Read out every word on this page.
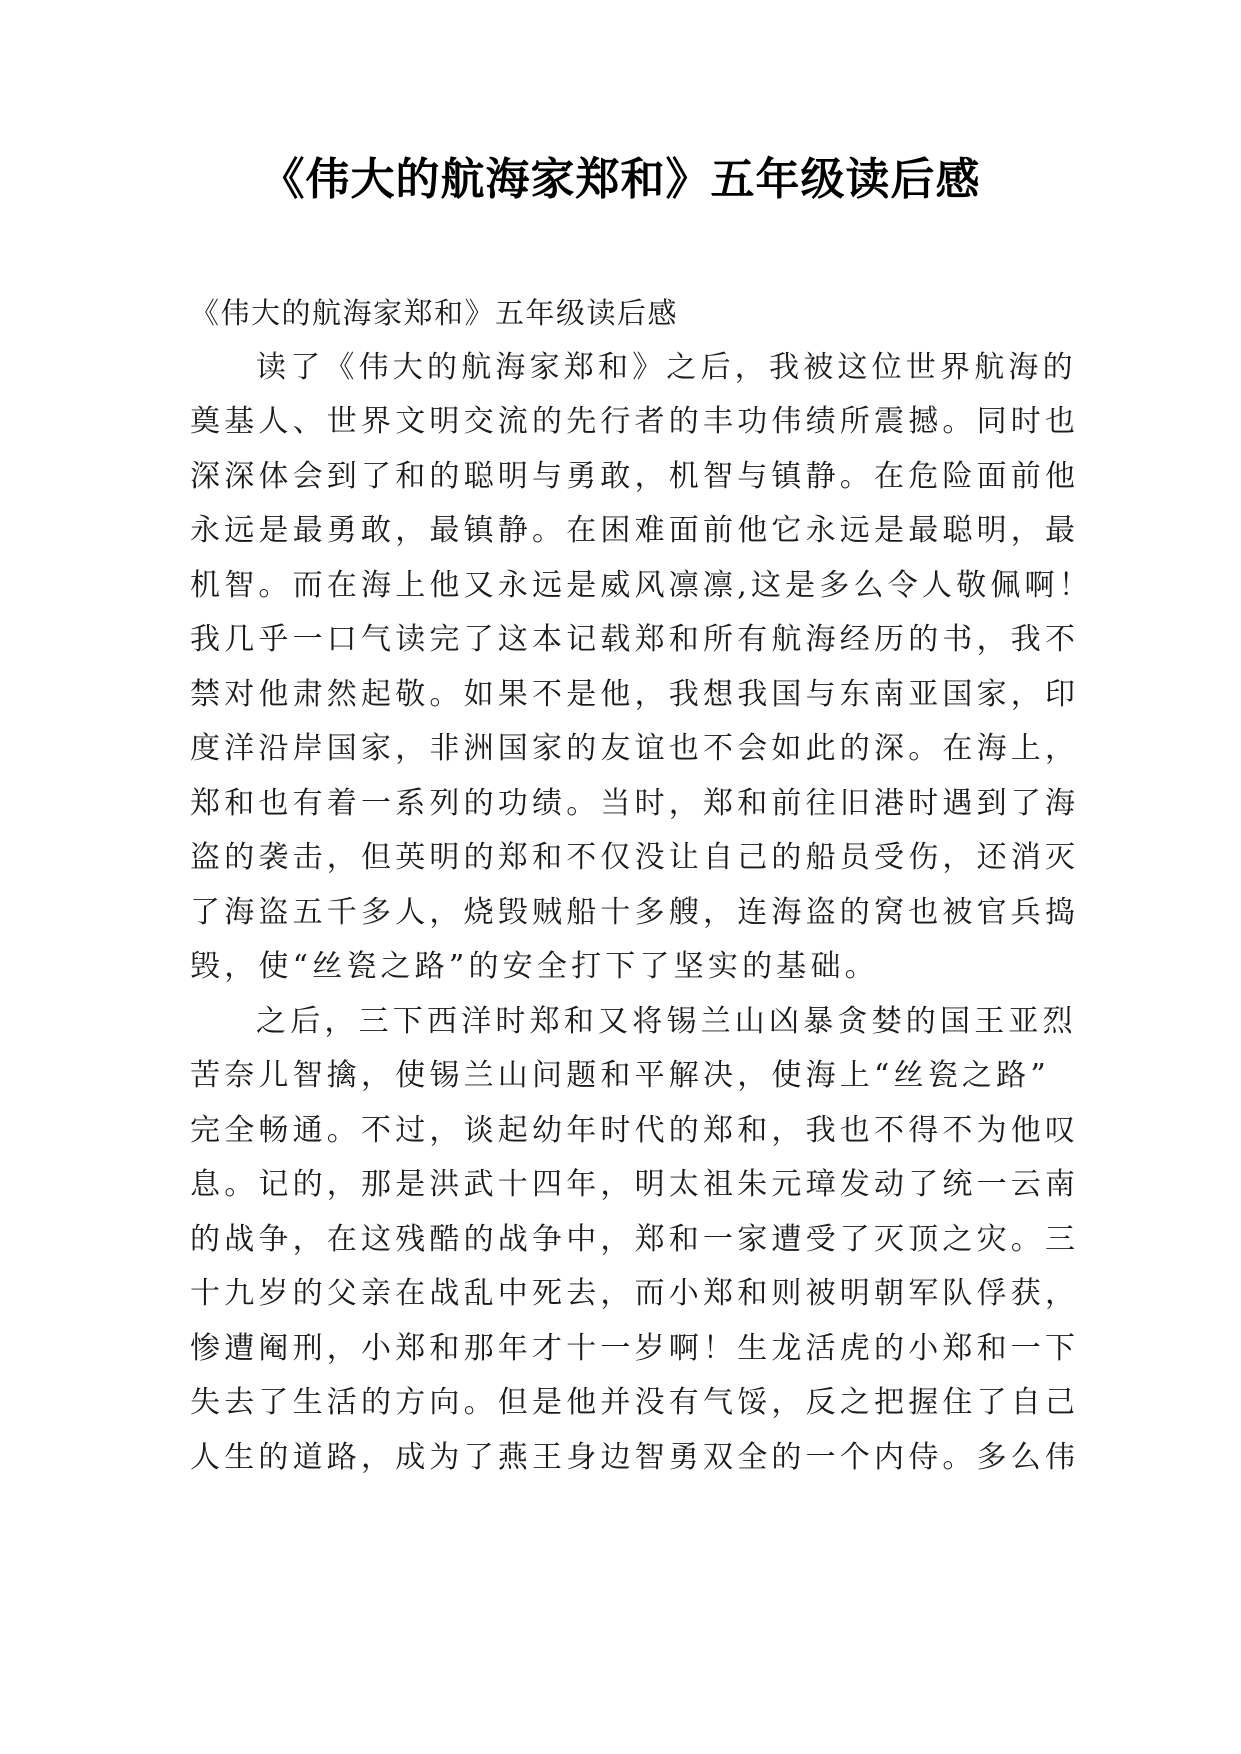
《伟大的航海家郑和》五年级读后感
《伟大的航海家郑和》五年级读后感
读了《伟大的航海家郑和》之后，我被这位世界航海的
奠基人、世界文明交流的先行者的丰功伟绩所震撼。同时也
深深体会到了和的聪明与勇敢，机智与镇静。在危险面前他
永远是最勇敢，最镇静。在困难面前他它永远是最聪明，最
机智。而在海上他又永远是威风凛凛,这是多么令人敬佩啊！
我几乎一口气读完了这本记载郑和所有航海经历的书，我不
禁对他肃然起敬。如果不是他，我想我国与东南亚国家，印
度洋沿岸国家，非洲国家的友谊也不会如此的深。在海上，
郑和也有着一系列的功绩。当时，郑和前往旧港时遇到了海
盗的袭击，但英明的郑和不仅没让自己的船员受伤，还消灭
了海盗五千多人，烧毁贼船十多艘，连海盗的窝也被官兵捣
毁，使“丝瓷之路”的安全打下了坚实的基础。
之后，三下西洋时郑和又将锡兰山凶暴贪婪的国王亚烈
苦奈儿智擒，使锡兰山问题和平解决，使海上“丝瓷之路”
完全畅通。不过，谈起幼年时代的郑和，我也不得不为他叹
息。记的，那是洪武十四年，明太祖朱元璋发动了统一云南
的战争，在这残酷的战争中，郑和一家遭受了灭顶之灾。三
十九岁的父亲在战乱中死去，而小郑和则被明朝军队俘获，
惨遭阉刑，小郑和那年才十一岁啊！生龙活虎的小郑和一下
失去了生活的方向。但是他并没有气馁，反之把握住了自己
人生的道路，成为了燕王身边智勇双全的一个内侍。多么伟
